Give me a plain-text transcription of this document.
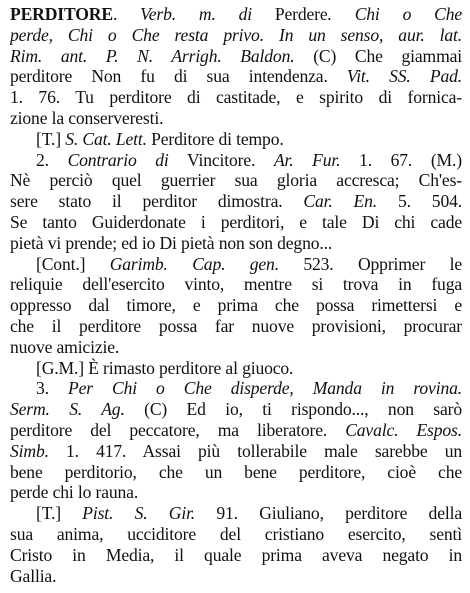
PERDITORE. Verb. m. di Perdere. Chi o Che
perde, Chi o Che resta privo. In un senso, aur. lat.
Rim. ant. P. N. Arrigh. Baldon. (C) Che giammai
perditore Non fu di sua intendenza. Vit. SS. Pad.
1. 76. Tu perditore di castitade, e spirito di fornica-
zione la conserveresti.
[T.] S. Cat. Lett. Perditore di tempo.
2. Contrario di Vincitore. Ar. Fur. 1. 67. (M.)
Nè perciò quel guerrier sua gloria accresca; Ch'es-
sere stato il perditor dimostra. Car. En. 5. 504.
Se tanto Guiderdonate i perditori, e tale Di chi cade
pietà vi prende; ed io Di pietà non son degno...
[Cont.] Garimb. Cap. gen. 523. Opprimer le
reliquie dell'esercito vinto, mentre si trova in fuga
oppresso dal timore, e prima che possa rimettersi e
che il perditore possa far nuove provisioni, procurar
nuove amicizie.
[G.M.] È rimasto perditore al giuoco.
3. Per Chi o Che disperde, Manda in rovina.
Serm. S. Ag. (C) Ed io, ti rispondo..., non sarò
perditore del peccatore, ma liberatore. Cavalc. Espos.
Simb. 1. 417. Assai più tollerabile male sarebbe un
bene perditorio, che un bene perditore, cioè che
perde chi lo rauna.
[T.] Pist. S. Gir. 91. Giuliano, perditore della
sua anima, ucciditore del cristiano esercito, sentì
Cristo in Media, il quale prima aveva negato in
Gallia.
